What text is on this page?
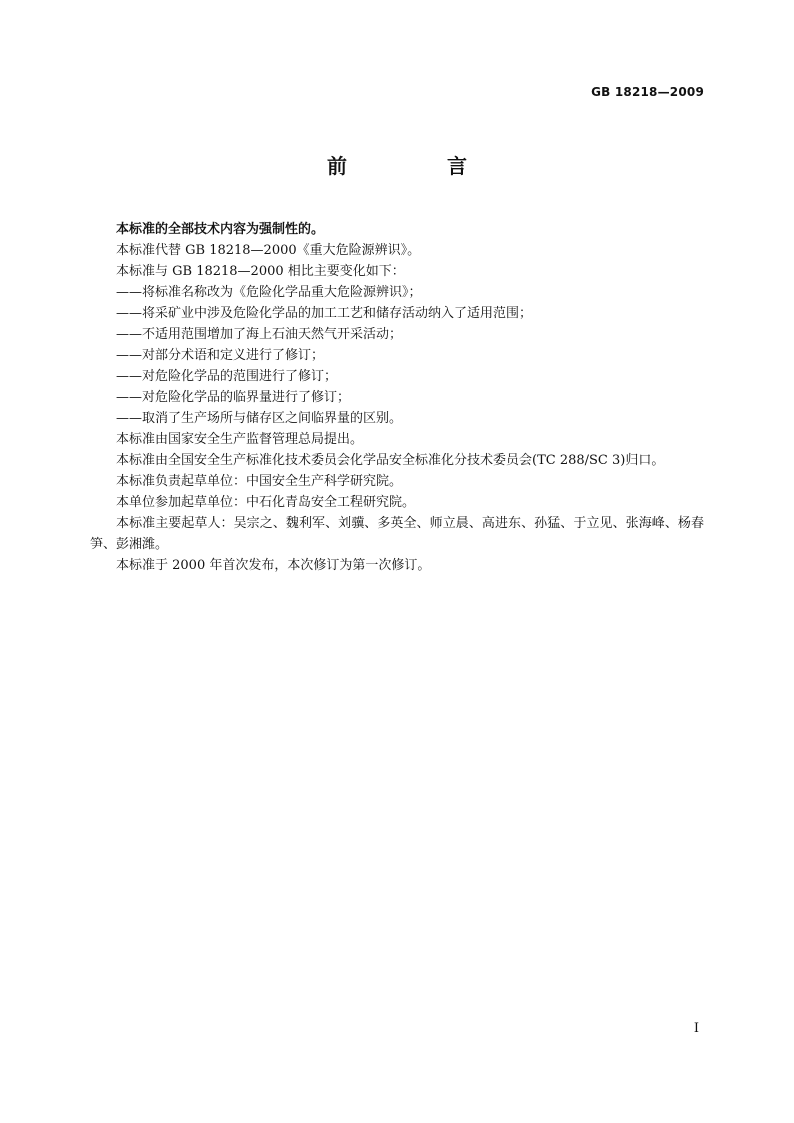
GB 18218—2009
前　言

本标准的全部技术内容为强制性的。

本标准代替 GB 18218—2000《重大危险源辨识》。

本标准与 GB 18218—2000 相比主要变化如下：

——将标准名称改为《危险化学品重大危险源辨识》；

——将采矿业中涉及危险化学品的加工工艺和储存活动纳入了适用范围；

——不适用范围增加了海上石油天然气开采活动；

——对部分术语和定义进行了修订；

——对危险化学品的范围进行了修订；

——对危险化学品的临界量进行了修订；

——取消了生产场所与储存区之间临界量的区别。

本标准由国家安全生产监督管理总局提出。

本标准由全国安全生产标准化技术委员会化学品安全标准化分技术委员会(TC 288/SC 3)归口。

本标准负责起草单位：中国安全生产科学研究院。

本单位参加起草单位：中石化青岛安全工程研究院。

本标准主要起草人：吴宗之、魏利军、刘骥、多英全、师立晨、高进东、孙猛、于立见、张海峰、杨春笋、彭湘潍。

本标准于 2000 年首次发布，本次修订为第一次修订。

I
